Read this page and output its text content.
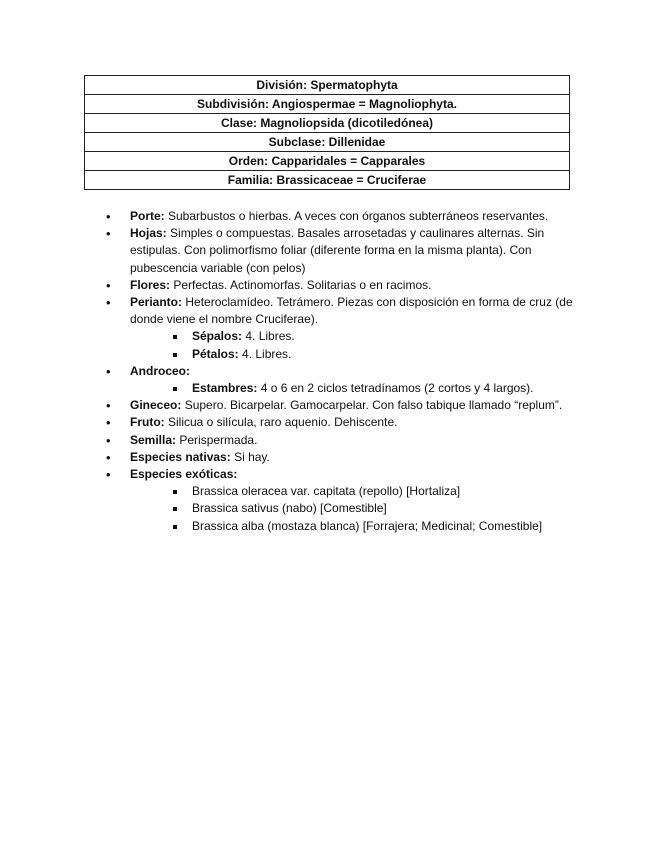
División: Spermatophyta
Subdivisión: Angiospermae = Magnoliophyta.
Clase: Magnoliopsida (dicotiledónea)
Subclase: Dillenidae
Orden: Capparidales = Capparales
Familia: Brassicaceae = Cruciferae
• Porte: Subarbustos o hierbas. A veces con órganos subterráneos reservantes.
• Hojas: Simples o compuestas. Basales arrosetadas y caulinares alternas. Sin estipulas. Con polimorfismo foliar (diferente forma en la misma planta). Con pubescencia variable (con pelos)
• Flores: Perfectas. Actinomorfas. Solitarias o en racimos.
• Perianto: Heteroclamídeo. Tetrámero. Piezas con disposición en forma de cruz (de donde viene el nombre Cruciferae).
Sépalos: 4. Libres.
Pétalos: 4. Libres.
• Androceo:
Estambres: 4 o 6 en 2 ciclos tetradínamos (2 cortos y 4 largos).
• Gineceo: Supero. Bicarpelar. Gamocarpelar. Con falso tabique llamado “replum”.
• Fruto: Silicua o silícula, raro aquenio. Dehiscente.
• Semilla: Perispermada.
• Especies nativas: Si hay.
• Especies exóticas:
Brassica oleracea var. capitata (repollo) [Hortaliza]
Brassica sativus (nabo) [Comestible]
Brassica alba (mostaza blanca) [Forrajera; Medicinal; Comestible]
